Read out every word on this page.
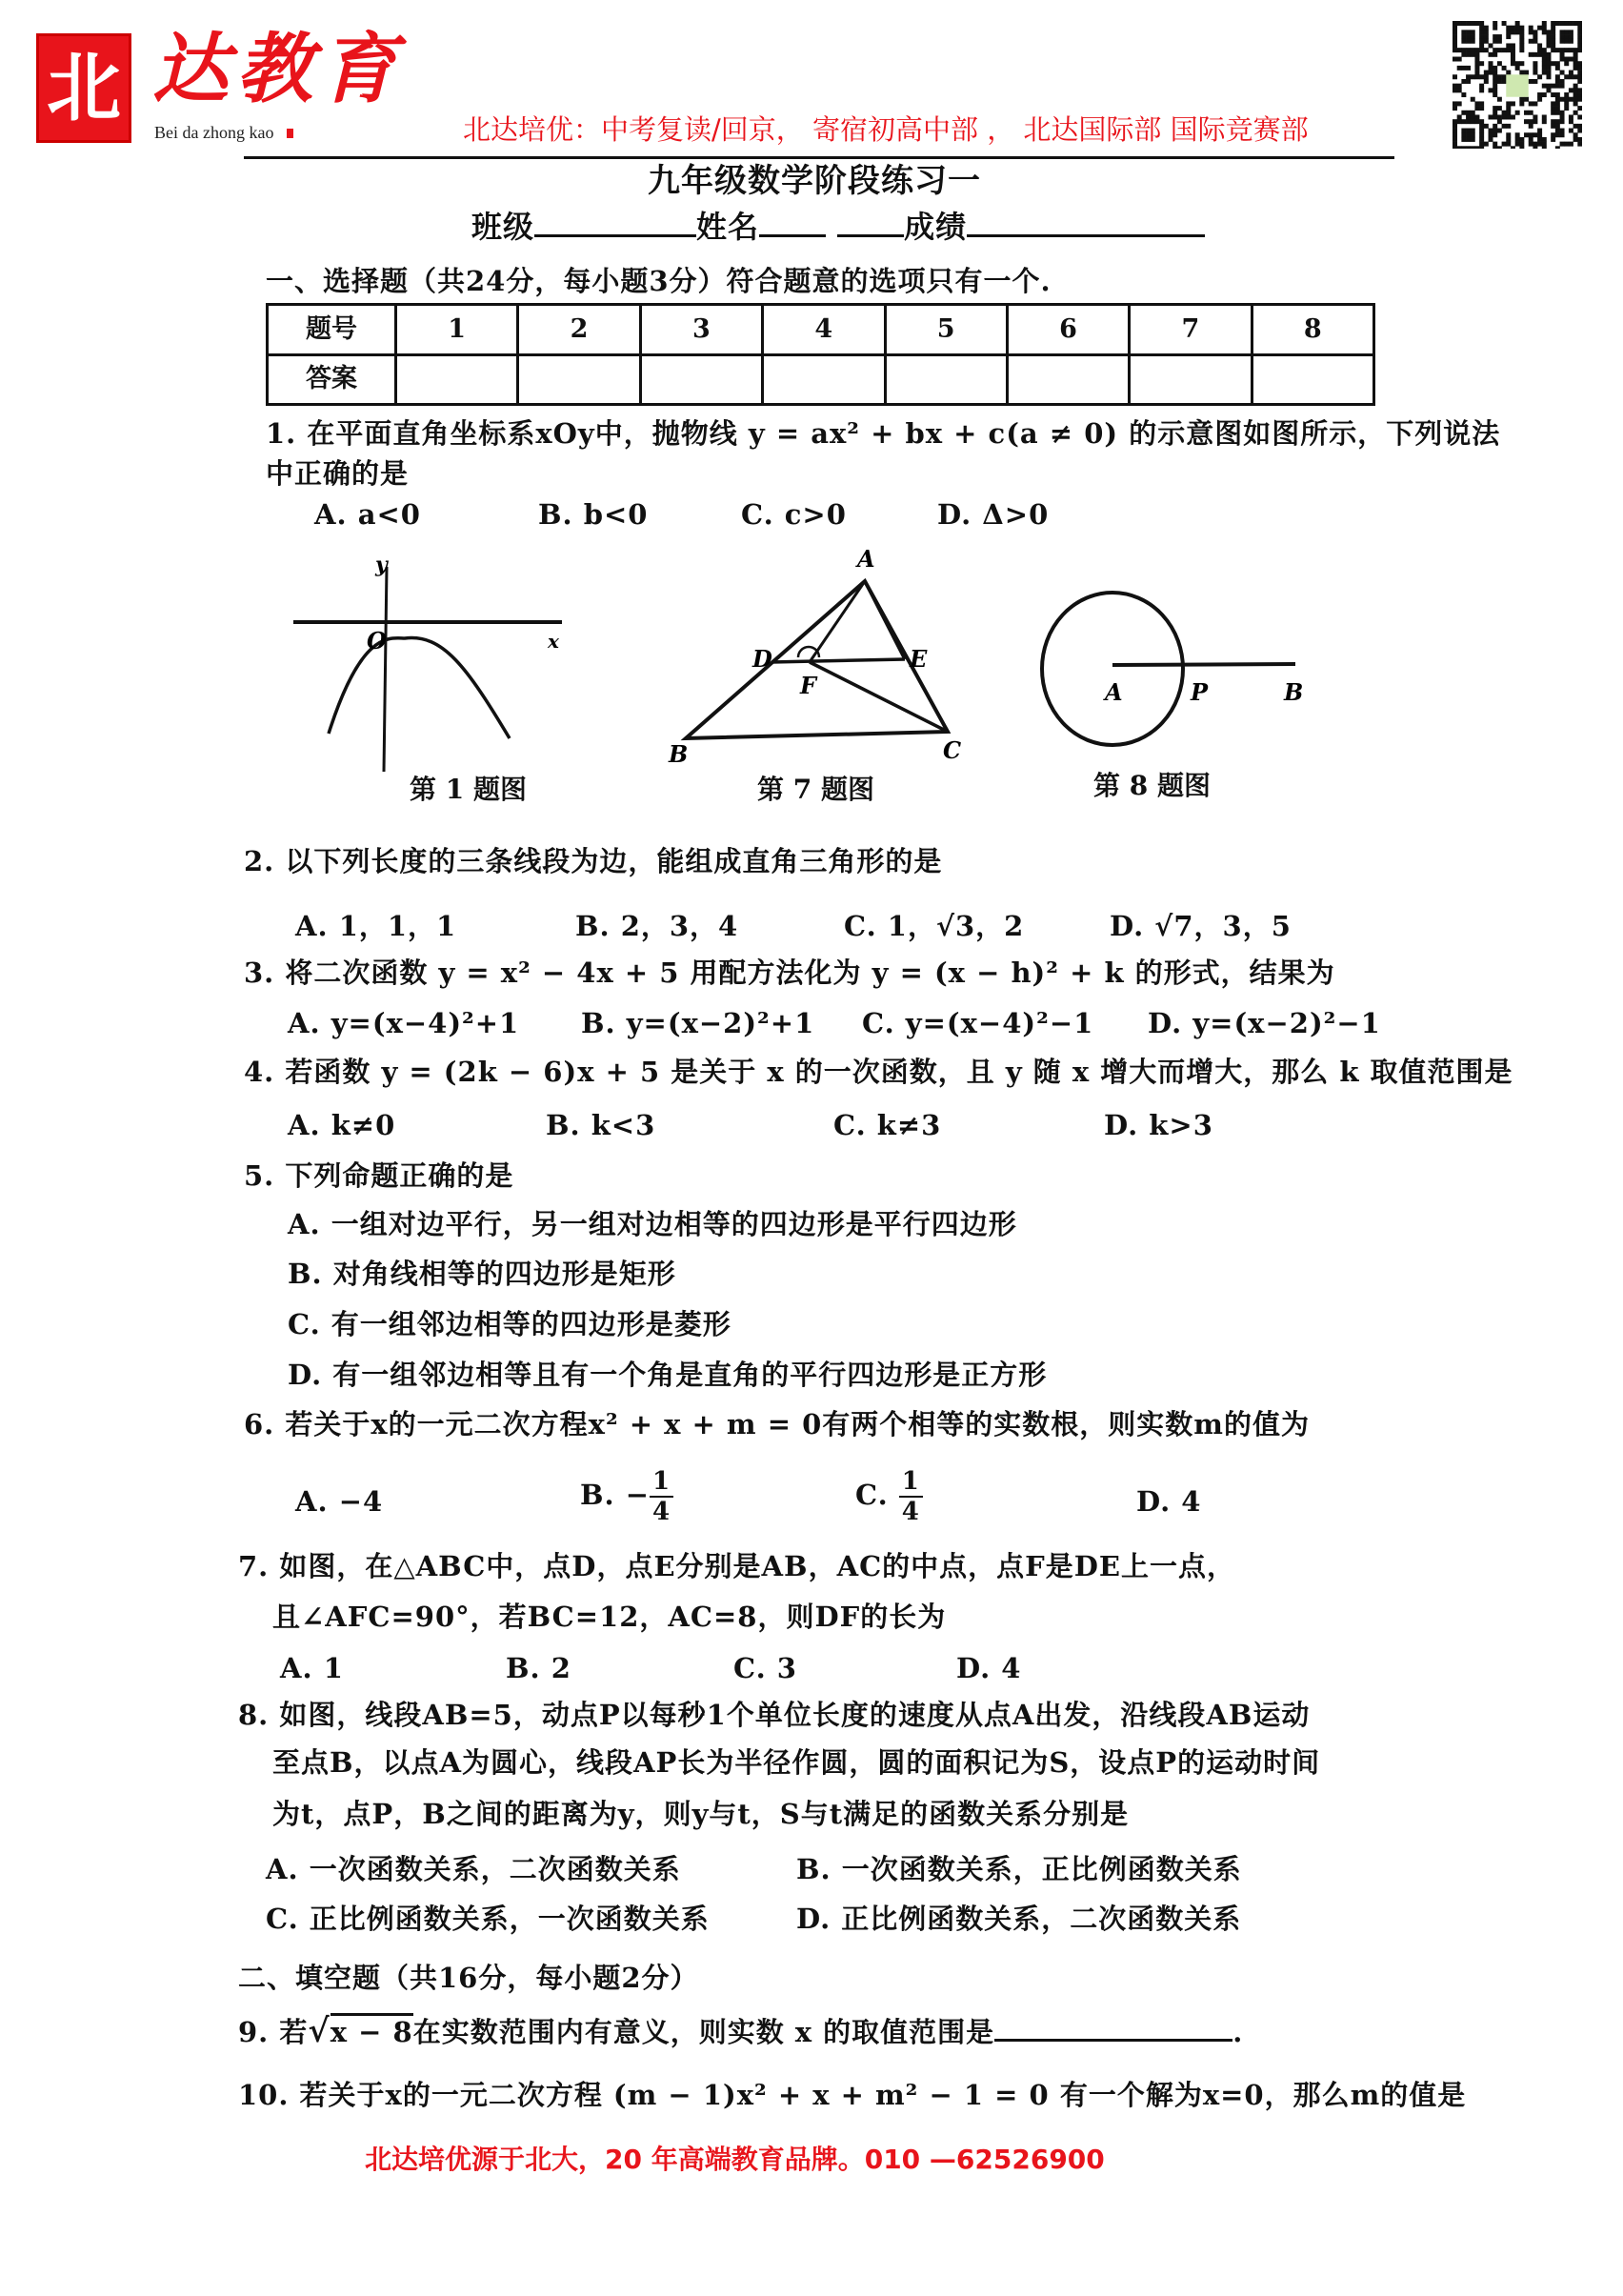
北 达教育
Bei da zhong kao	北达培优：中考复读/回京， 寄宿初高中部 ， 北达国际部 国际竞赛部
九年级数学阶段练习一
班级	姓名	成绩
一、选择题（共24分，每小题3分）符合题意的选项只有一个.
题号	1	2	3	4	5	6	7	8
答案								
1. 在平面直角坐标系xOy中，抛物线 y = ax² + bx + c(a ≠ 0) 的示意图如图所示，下列说法
中正确的是
A. a<0	B. b<0	C. c>0	D. Δ>0
y
O	x
第 1 题图
A
D	E
F
B	C
第 7 题图
A	P	B
第 8 题图
2. 以下列长度的三条线段为边，能组成直角三角形的是
A. 1，1，1	B. 2，3，4	C. 1，√3，2	D. √7，3，5
3. 将二次函数 y = x² − 4x + 5 用配方法化为 y = (x − h)² + k 的形式，结果为
A. y=(x−4)²+1 B. y=(x−2)²+1 C. y=(x−4)²−1 D. y=(x−2)²−1
4. 若函数 y = (2k − 6)x + 5 是关于 x 的一次函数，且 y 随 x 增大而增大，那么 k 取值范围是
A. k≠0	B. k<3	C. k≠3	D. k>3
5. 下列命题正确的是
A. 一组对边平行，另一组对边相等的四边形是平行四边形
B. 对角线相等的四边形是矩形
C. 有一组邻边相等的四边形是菱形
D. 有一组邻边相等且有一个角是直角的平行四边形是正方形
6. 若关于x的一元二次方程x² + x + m = 0有两个相等的实数根，则实数m的值为
A. −4	B. − $\frac{1}{4}$	C. $\frac{1}{4}$	D. 4
7. 如图，在△ABC中，点D，点E分别是AB，AC的中点，点F是DE上一点，
且∠AFC=90°，若BC=12，AC=8，则DF的长为
A. 1	B. 2	C. 3	D. 4
8. 如图，线段AB=5，动点P以每秒1个单位长度的速度从点A出发，沿线段AB运动
至点B，以点A为圆心，线段AP长为半径作圆，圆的面积记为S，设点P的运动时间
为t，点P，B之间的距离为y，则y与t，S与t满足的函数关系分别是
A. 一次函数关系，二次函数关系	B. 一次函数关系，正比例函数关系
C. 正比例函数关系，一次函数关系	D. 正比例函数关系，二次函数关系
二、填空题（共16分，每小题2分）
9. 若√x − 8在实数范围内有意义，则实数 x 的取值范围是	.
10. 若关于x的一元二次方程 (m − 1)x² + x + m² − 1 = 0 有一个解为x=0，那么m的值是
北达培优源于北大，20 年高端教育品牌。010 —62526900
